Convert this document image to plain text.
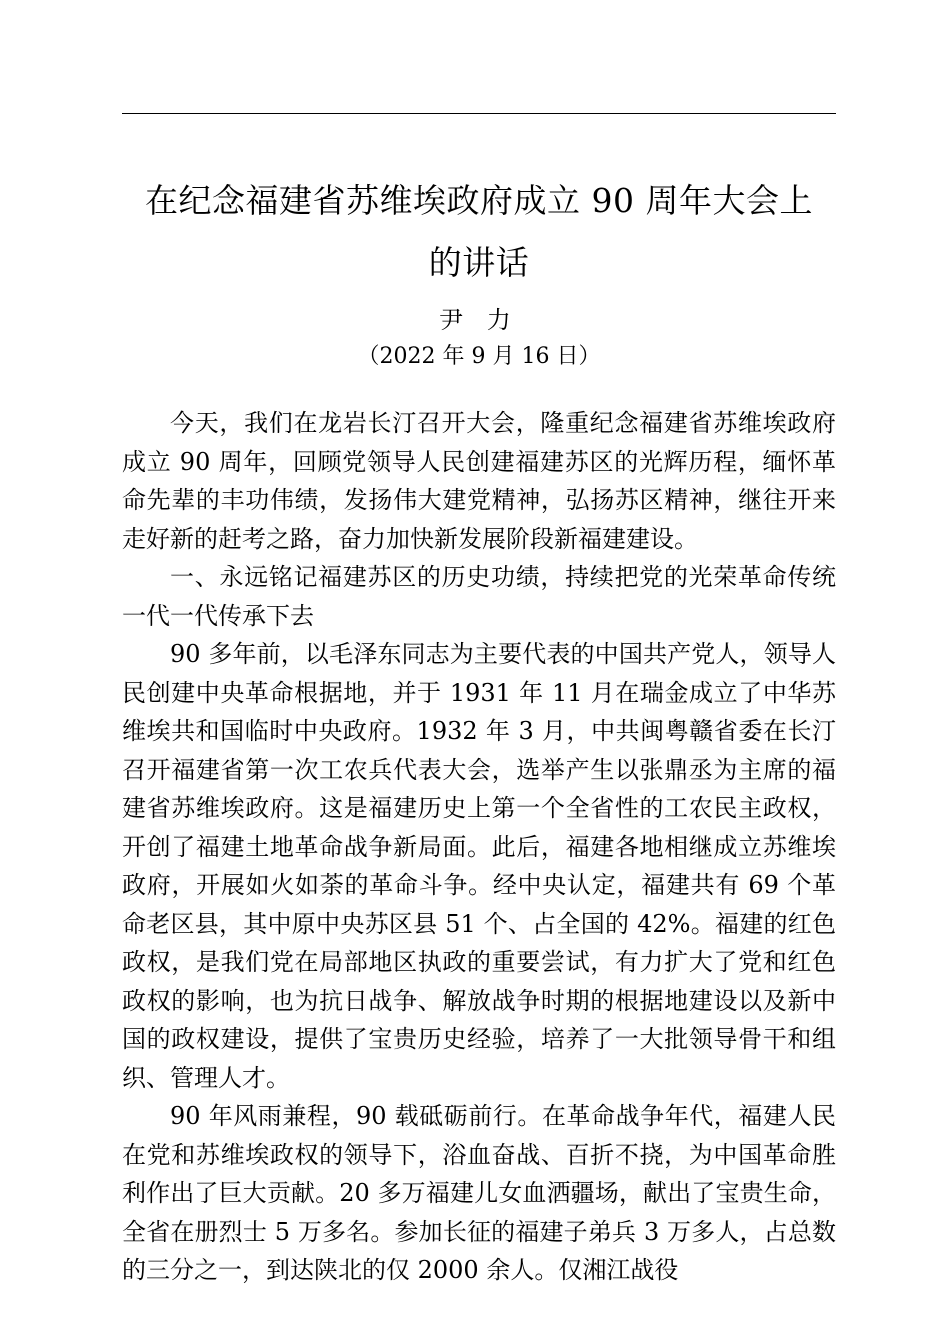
在纪念福建省苏维埃政府成立 90 周年大会上
的讲话
尹 力
（2022 年 9 月 16 日）

今天，我们在龙岩长汀召开大会，隆重纪念福建省苏维埃政府成立 90 周年，回顾党领导人民创建福建苏区的光辉历程，缅怀革命先辈的丰功伟绩，发扬伟大建党精神，弘扬苏区精神，继往开来走好新的赶考之路，奋力加快新发展阶段新福建建设。

一、永远铭记福建苏区的历史功绩，持续把党的光荣革命传统一代一代传承下去

90 多年前，以毛泽东同志为主要代表的中国共产党人，领导人民创建中央革命根据地，并于 1931 年 11 月在瑞金成立了中华苏维埃共和国临时中央政府。1932 年 3 月，中共闽粤赣省委在长汀召开福建省第一次工农兵代表大会，选举产生以张鼎丞为主席的福建省苏维埃政府。这是福建历史上第一个全省性的工农民主政权，开创了福建土地革命战争新局面。此后，福建各地相继成立苏维埃政府，开展如火如荼的革命斗争。经中央认定，福建共有 69 个革命老区县，其中原中央苏区县 51 个、占全国的 42%。福建的红色政权，是我们党在局部地区执政的重要尝试，有力扩大了党和红色政权的影响，也为抗日战争、解放战争时期的根据地建设以及新中国的政权建设，提供了宝贵历史经验，培养了一大批领导骨干和组织、管理人才。

90 年风雨兼程，90 载砥砺前行。在革命战争年代，福建人民在党和苏维埃政权的领导下，浴血奋战、百折不挠，为中国革命胜利作出了巨大贡献。20 多万福建儿女血洒疆场，献出了宝贵生命，全省在册烈士 5 万多名。参加长征的福建子弟兵 3 万多人，占总数的三分之一，到达陕北的仅 2000 余人。仅湘江战役
